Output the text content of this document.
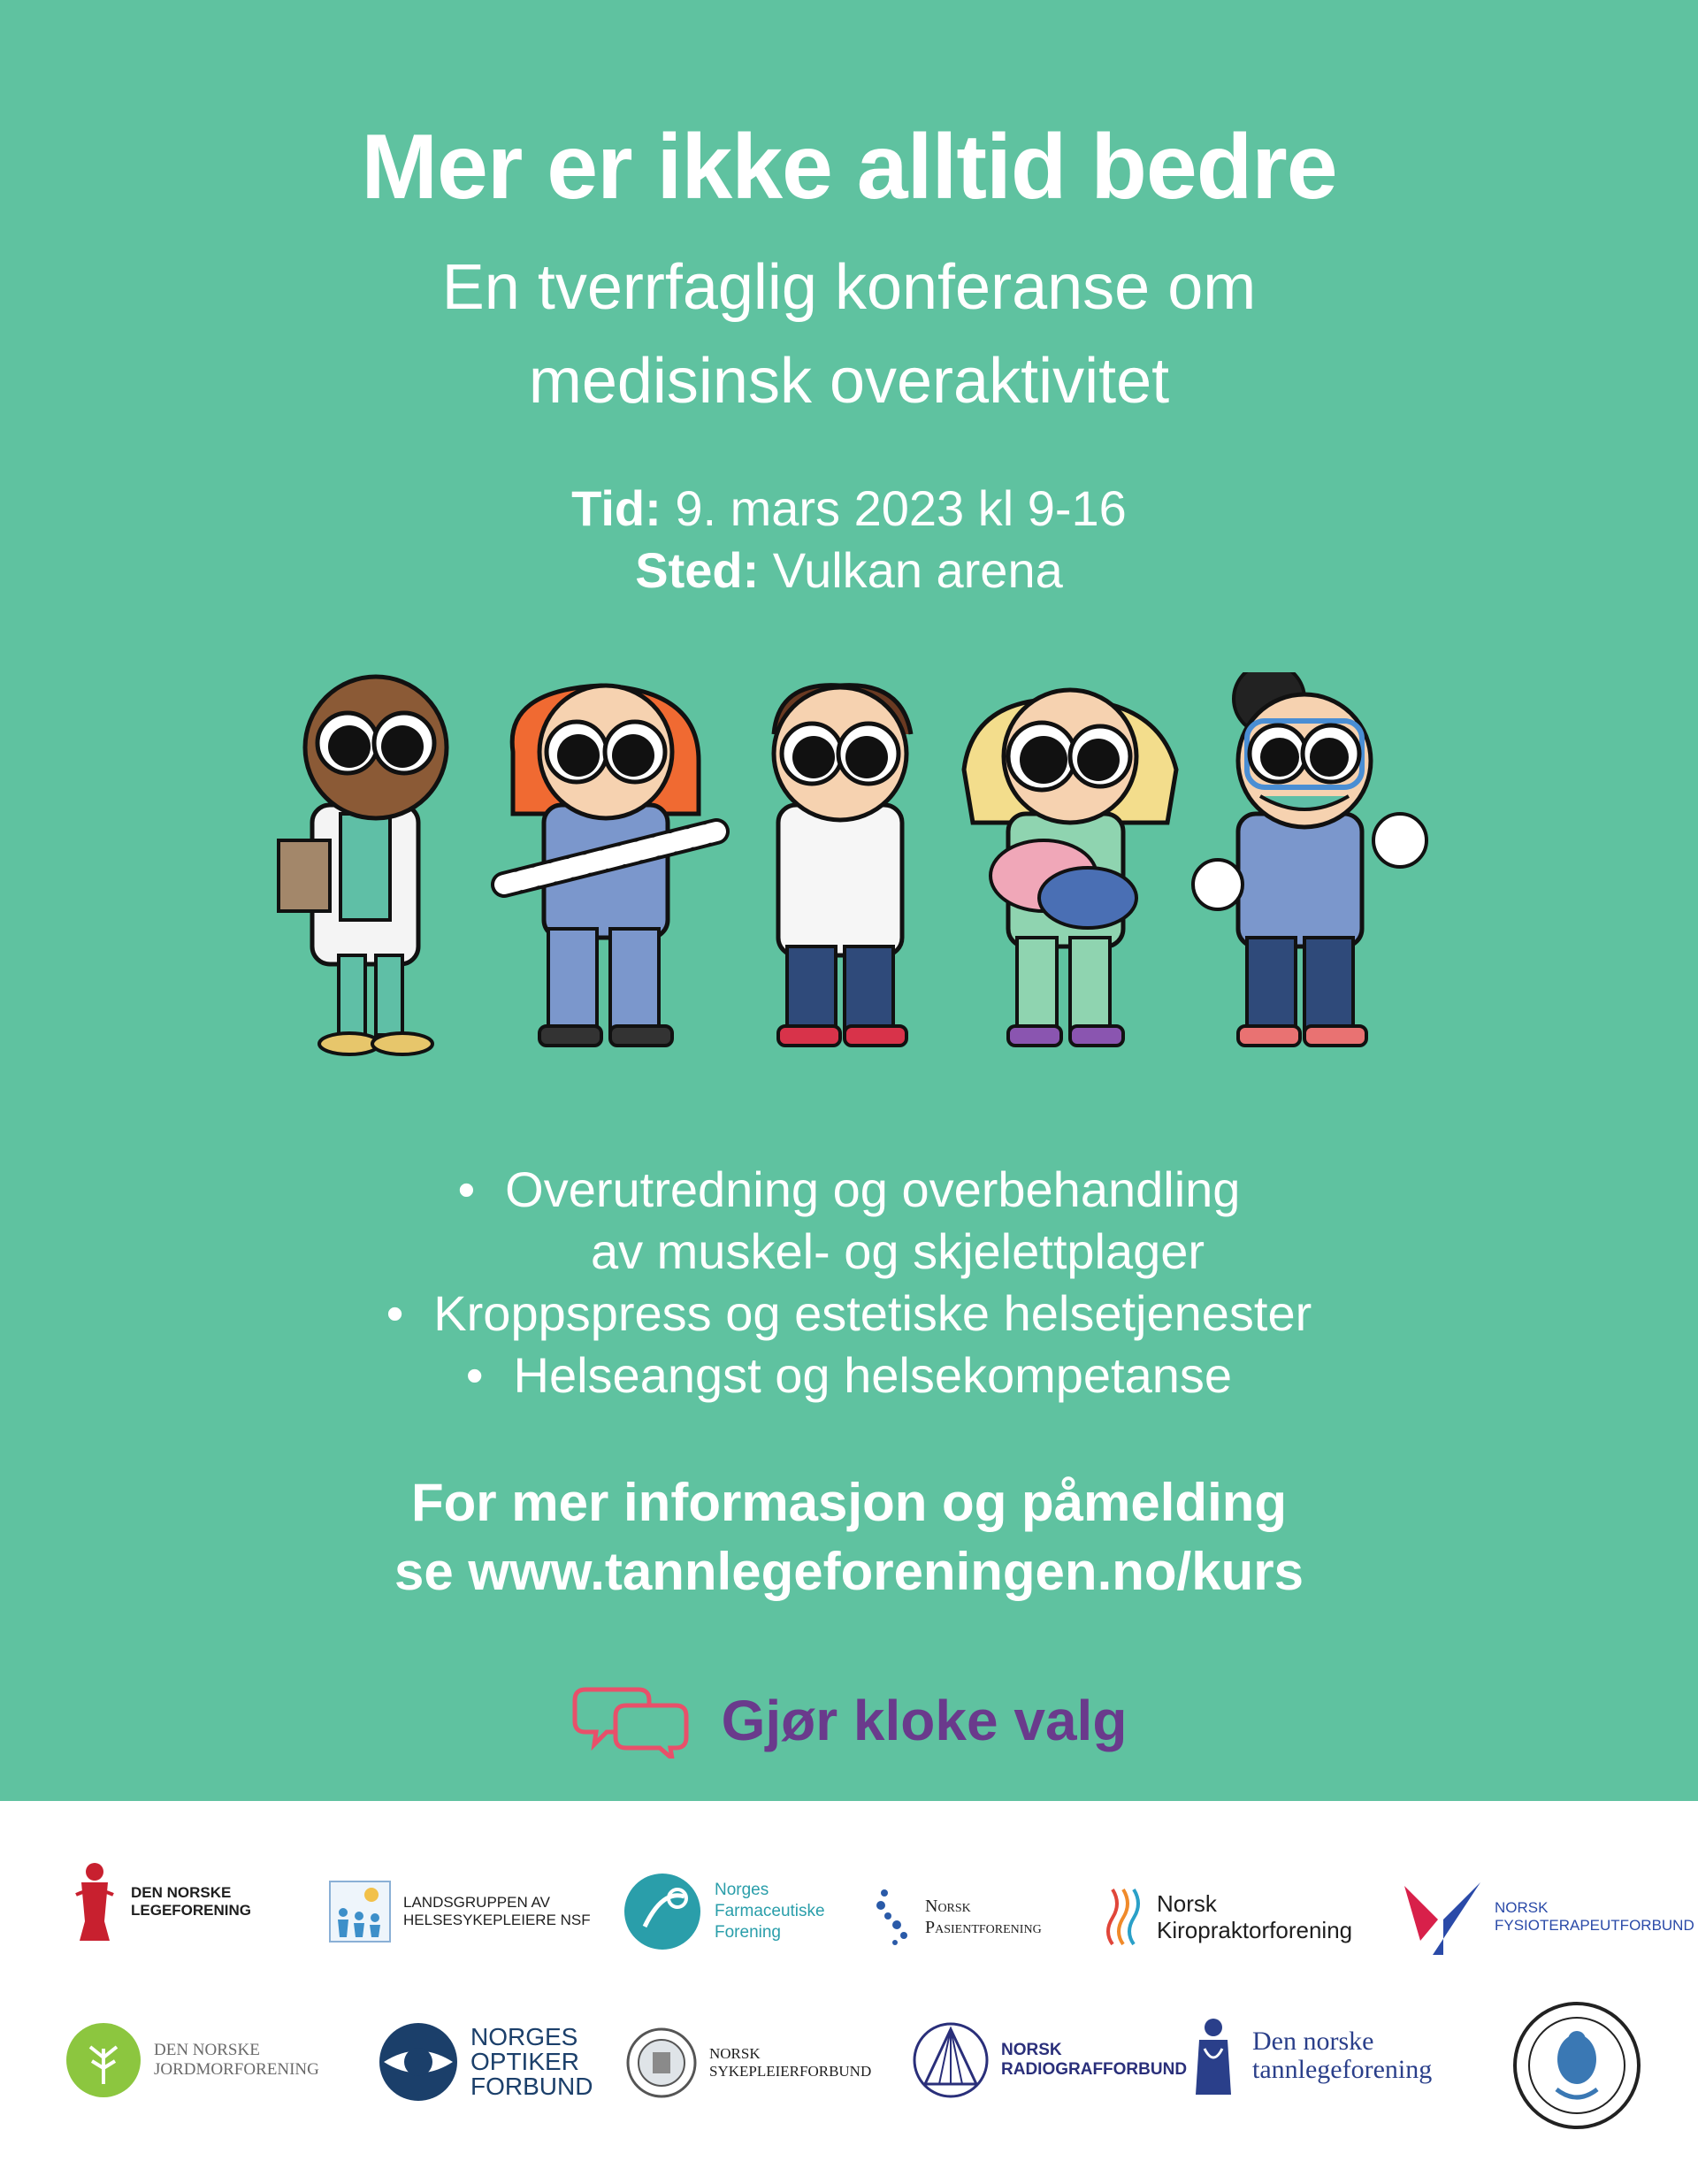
Mer er ikke alltid bedre
En tverrfaglig konferanse om
medisinsk overaktivitet
Tid: 9. mars 2023 kl 9-16
Sted: Vulkan arena
• Overutredning og overbehandling
av muskel- og skjelettplager
• Kroppspress og estetiske helsetjenester
• Helseangst og helsekompetanse
For mer informasjon og påmelding
se www.tannlegeforeningen.no/kurs
Gjør kloke valg
DEN NORSKE
LEGEFORENING	LANDSGRUPPEN AV
HELSESYKEPLEIERE NSF
Norges
Farmaceutiske
Forening
Norsk
Pasientforening
Norsk
Kiropraktorforening
NORSK
FYSIOTERAPEUTFORBUND
DEN NORSKE
JORDMORFORENING
NORGES
OPTIKER
FORBUND
NORSK
SYKEPLEIERFORBUND
NORSK
RADIOGRAFFORBUND
Den norske
tannlegeforening
